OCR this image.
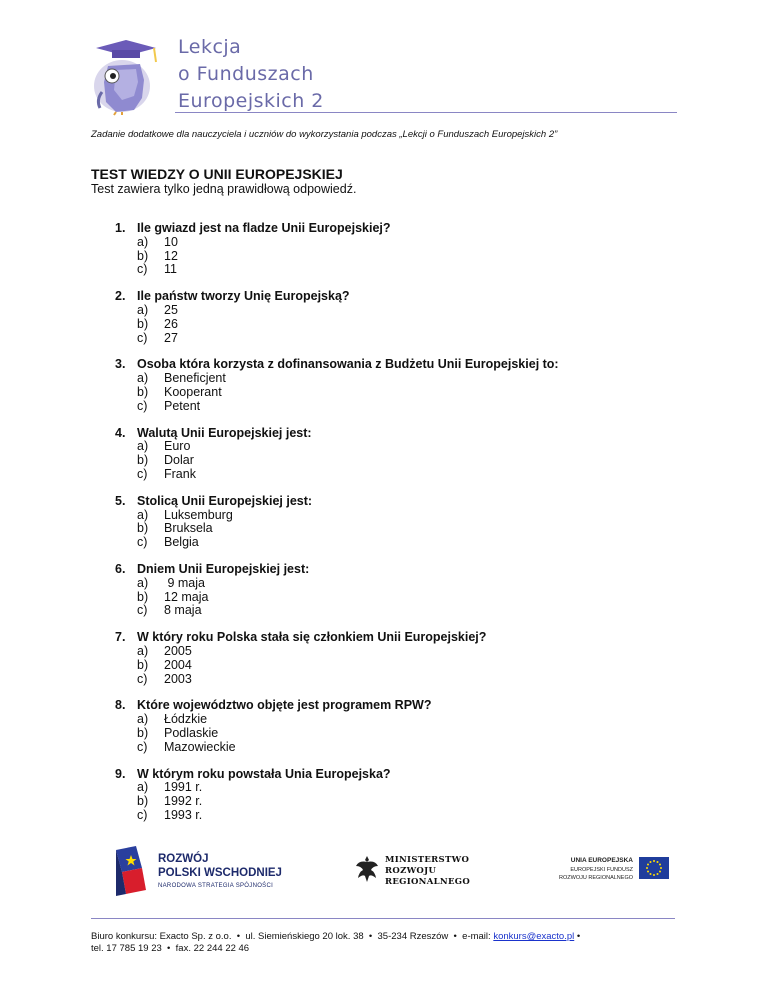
Lekcja
o Funduszach
Europejskich 2
Zadanie dodatkowe dla nauczyciela i uczniów do wykorzystania podczas „Lekcji o Funduszach Europejskich 2”
TEST WIEDZY O UNII EUROPEJSKIEJ
Test zawiera tylko jedną prawidłową odpowiedź.
1. Ile gwiazd jest na fladze Unii Europejskiej?
a)	10
b)	12
c)	11
2. Ile państw tworzy Unię Europejską?
a)	25
b)	26
c)	27
3. Osoba która korzysta z dofinansowania z Budżetu Unii Europejskiej to:
a)	Beneficjent
b)	Kooperant
c)	Petent
4. Walutą Unii Europejskiej jest:
a)	Euro
b)	Dolar
c)	Frank
5. Stolicą Unii Europejskiej jest:
a)	Luksemburg
b)	Bruksela
c)	Belgia
6. Dniem Unii Europejskiej jest:
a)	9 maja
b)	12 maja
c)	8 maja
7. W który roku Polska stała się członkiem Unii Europejskiej?
a)	2005
b)	2004
c)	2003
8. Które województwo objęte jest programem RPW?
a)	Łódzkie
b)	Podlaskie
c)	Mazowieckie
9. W którym roku powstała Unia Europejska?
a)	1991 r.
b)	1992 r.
c)	1993 r.
ROZWÓJ
POLSKI WSCHODNIEJ
NARODOWA STRATEGIA SPÓJNOŚCI
MINISTERSTWO
ROZWOJU
REGIONALNEGO
UNIA EUROPEJSKA
EUROPEJSKI FUNDUSZ
ROZWOJU REGIONALNEGO
Biuro konkursu: Exacto Sp. z o.o.  •  ul. Siemieńskiego 20 lok. 38  •  35-234 Rzeszów  •  e-mail: konkurs@exacto.pl •
tel. 17 785 19 23  •  fax. 22 244 22 46
